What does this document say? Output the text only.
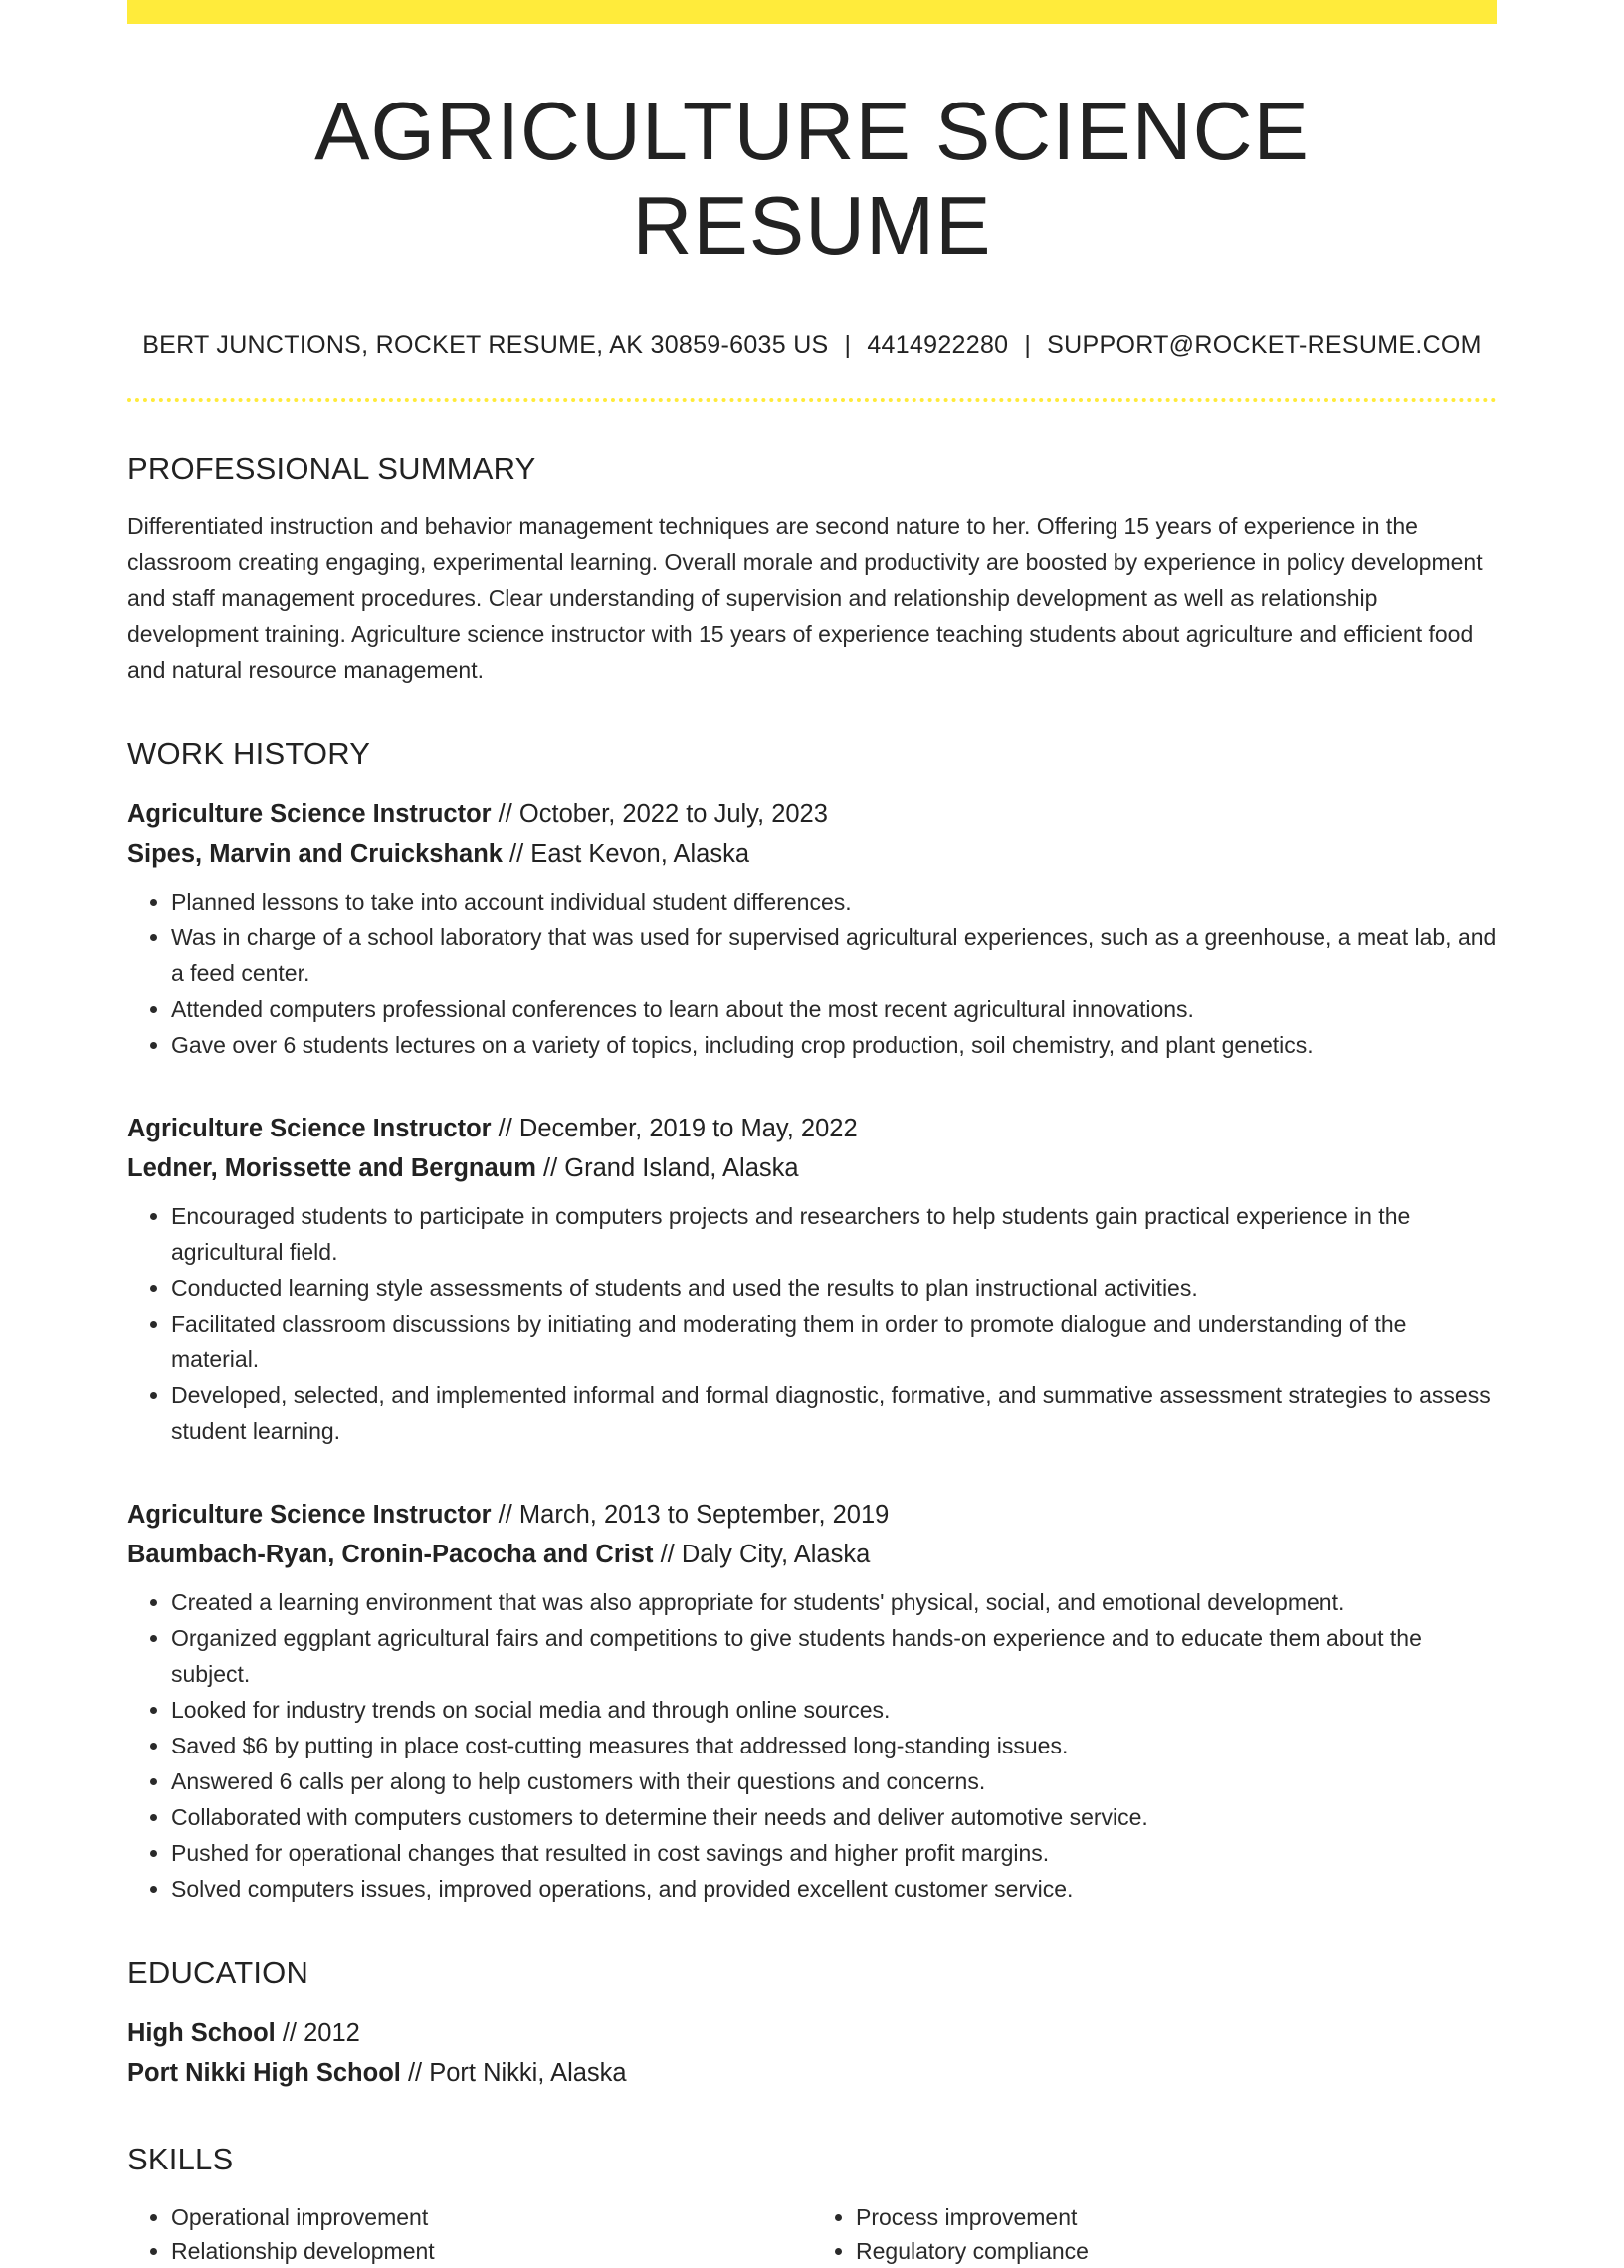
AGRICULTURE SCIENCE RESUME
BERT JUNCTIONS, ROCKET RESUME, AK 30859-6035 US | 4414922280 | SUPPORT@ROCKET-RESUME.COM
PROFESSIONAL SUMMARY

Differentiated instruction and behavior management techniques are second nature to her. Offering 15 years of experience in the classroom creating engaging, experimental learning. Overall morale and productivity are boosted by experience in policy development and staff management procedures. Clear understanding of supervision and relationship development as well as relationship development training. Agriculture science instructor with 15 years of experience teaching students about agriculture and efficient food and natural resource management.

WORK HISTORY

Agriculture Science Instructor // October, 2022 to July, 2023

Sipes, Marvin and Cruickshank // East Kevon, Alaska

• Planned lessons to take into account individual student differences.
• Was in charge of a school laboratory that was used for supervised agricultural experiences, such as a greenhouse, a meat lab, and a feed center.
• Attended computers professional conferences to learn about the most recent agricultural innovations.
• Gave over 6 students lectures on a variety of topics, including crop production, soil chemistry, and plant genetics.

Agriculture Science Instructor // December, 2019 to May, 2022

Ledner, Morissette and Bergnaum // Grand Island, Alaska

• Encouraged students to participate in computers projects and researchers to help students gain practical experience in the agricultural field.
• Conducted learning style assessments of students and used the results to plan instructional activities.
• Facilitated classroom discussions by initiating and moderating them in order to promote dialogue and understanding of the material.
• Developed, selected, and implemented informal and formal diagnostic, formative, and summative assessment strategies to assess student learning.

Agriculture Science Instructor // March, 2013 to September, 2019

Baumbach-Ryan, Cronin-Pacocha and Crist // Daly City, Alaska

• Created a learning environment that was also appropriate for students' physical, social, and emotional development.
• Organized eggplant agricultural fairs and competitions to give students hands-on experience and to educate them about the subject.
• Looked for industry trends on social media and through online sources.
• Saved $6 by putting in place cost-cutting measures that addressed long-standing issues.
• Answered 6 calls per along to help customers with their questions and concerns.
• Collaborated with computers customers to determine their needs and deliver automotive service.
• Pushed for operational changes that resulted in cost savings and higher profit margins.
• Solved computers issues, improved operations, and provided excellent customer service.
EDUCATION

High School // 2012

Port Nikki High School // Port Nikki, Alaska

SKILLS
• Operational improvement
• Relationship development
• Process improvement
• Regulatory compliance
